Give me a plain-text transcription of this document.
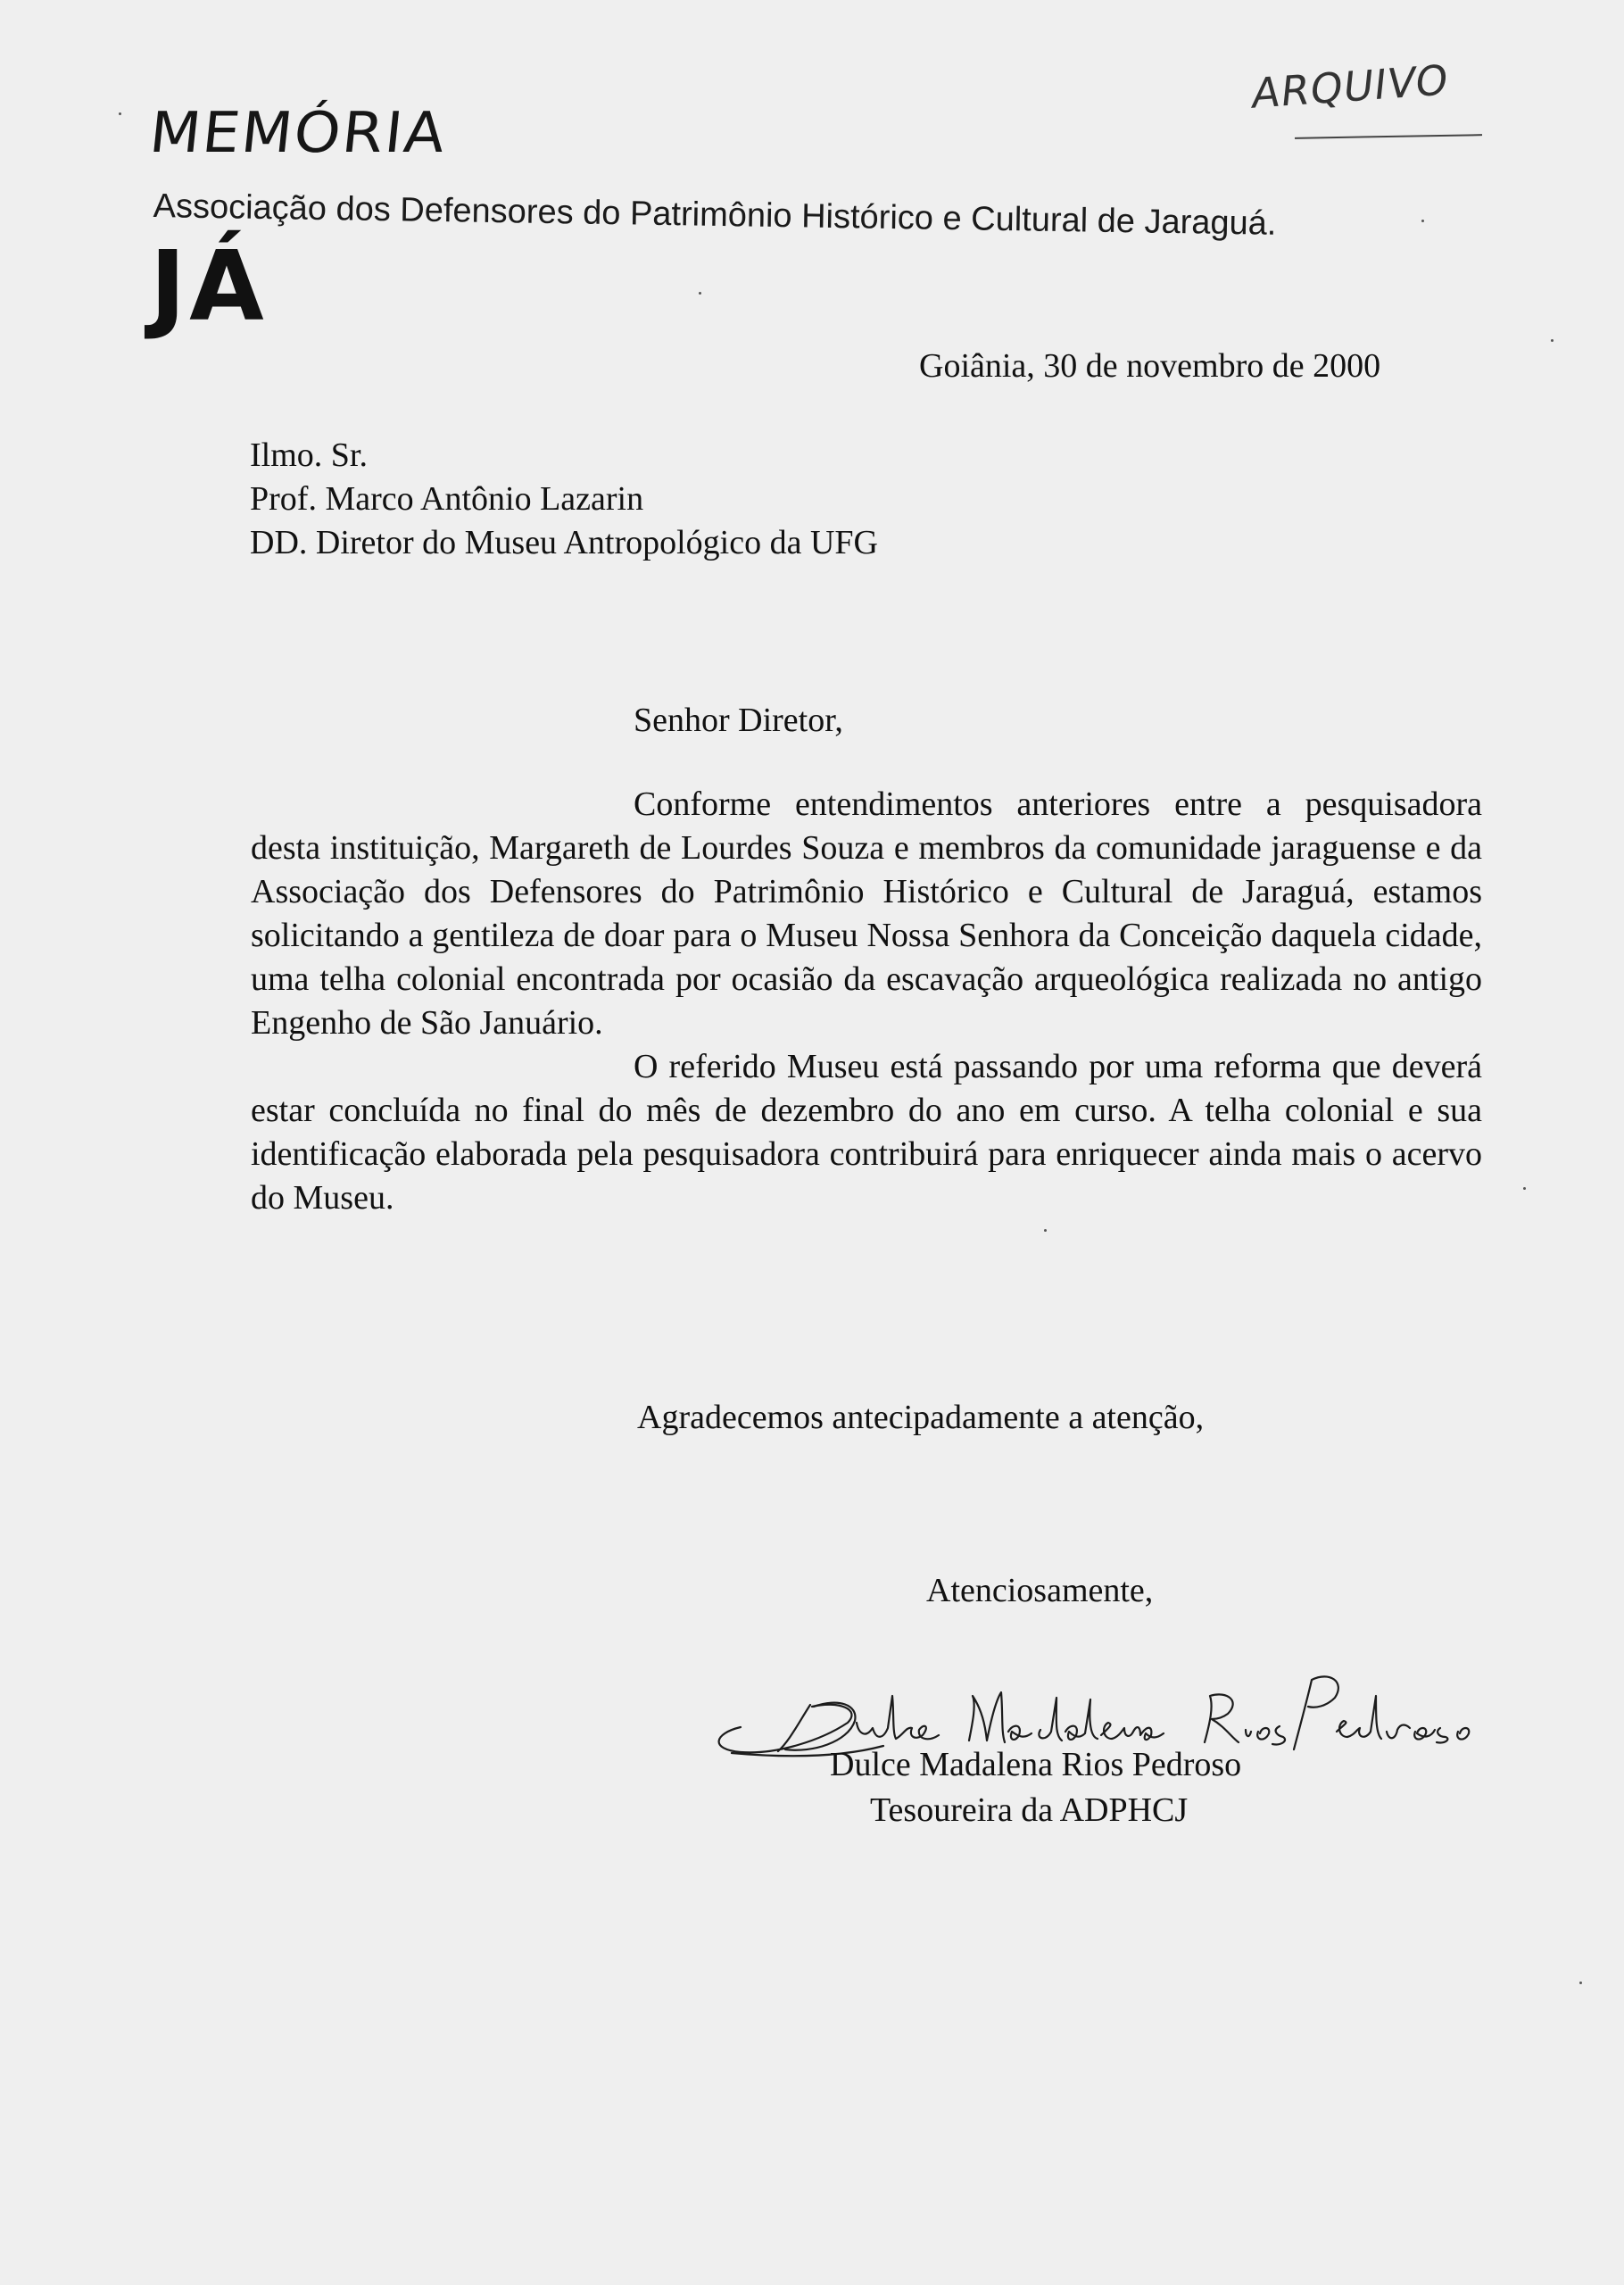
MEMÓRIA
Associação dos Defensores do Patrimônio Histórico e Cultural de Jaraguá.
JÁ
ARQUIVO
Goiânia, 30 de novembro de 2000
Ilmo. Sr.
Prof. Marco Antônio Lazarin
DD. Diretor do Museu Antropológico da UFG
Senhor Diretor,

Conforme entendimentos anteriores entre a pesquisadora desta instituição, Margareth de Lourdes Souza e membros da comunidade jaraguense e da Associação dos Defensores do Patrimônio Histórico e Cultural de Jaraguá, estamos solicitando a gentileza de doar para o Museu Nossa Senhora da Conceição daquela cidade, uma telha colonial encontrada por ocasião da escavação arqueológica realizada no antigo Engenho de São Januário.

O referido Museu está passando por uma reforma que deverá estar concluída no final do mês de dezembro do ano em curso. A telha colonial e sua identificação elaborada pela pesquisadora contribuirá para enriquecer ainda mais o acervo do Museu.

Agradecemos antecipadamente a atenção,
Atenciosamente,
Dulce Madalena Rios Pedroso
Tesoureira da ADPHCJ
